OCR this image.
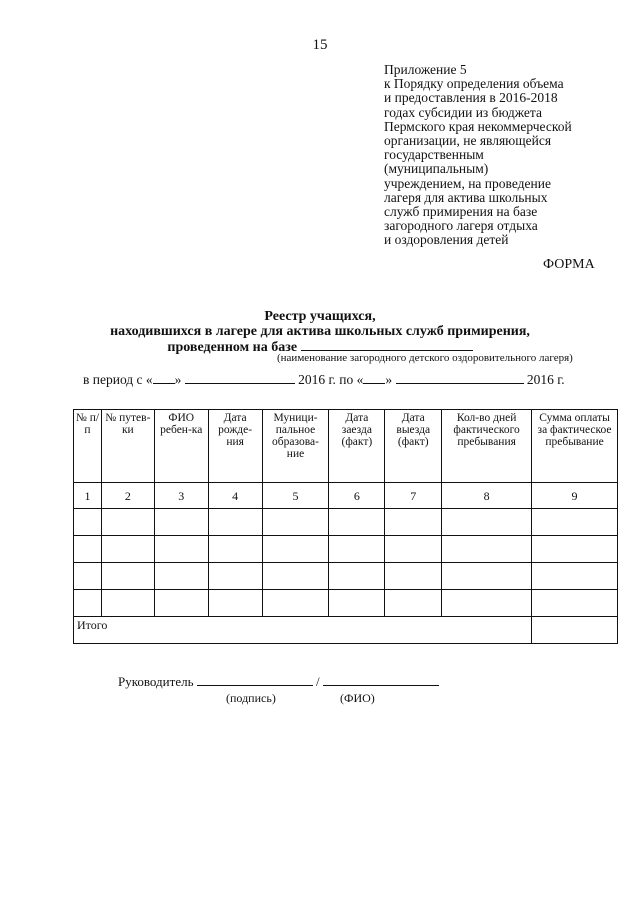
15
Приложение 5
к Порядку определения объема
и предоставления в 2016-2018
годах субсидии из бюджета
Пермского края некоммерческой
организации, не являющейся
государственным
(муниципальным)
учреждением, на проведение
лагеря для актива школьных
служб примирения на базе
загородного лагеря отдыха
и оздоровления детей
ФОРМА
Реестр учащихся,
находившихся в лагере для актива школьных служб примирения,
проведенном на базе
(наименование загородного детского оздоровительного лагеря)
в период с « »	2016 г. по « »	2016 г.
№ п/п	№ путев-ки	ФИО ребен-ка	Дата рожде-ния	Муници-пальное образова-ние	Дата заезда (факт)	Дата выезда (факт)	Кол-во дней фактического пребывания	Сумма оплаты за фактическое пребывание
1	2	3	4	5	6	7	8	9

Итого								
Руководитель	/
(подпись)	(ФИО)
